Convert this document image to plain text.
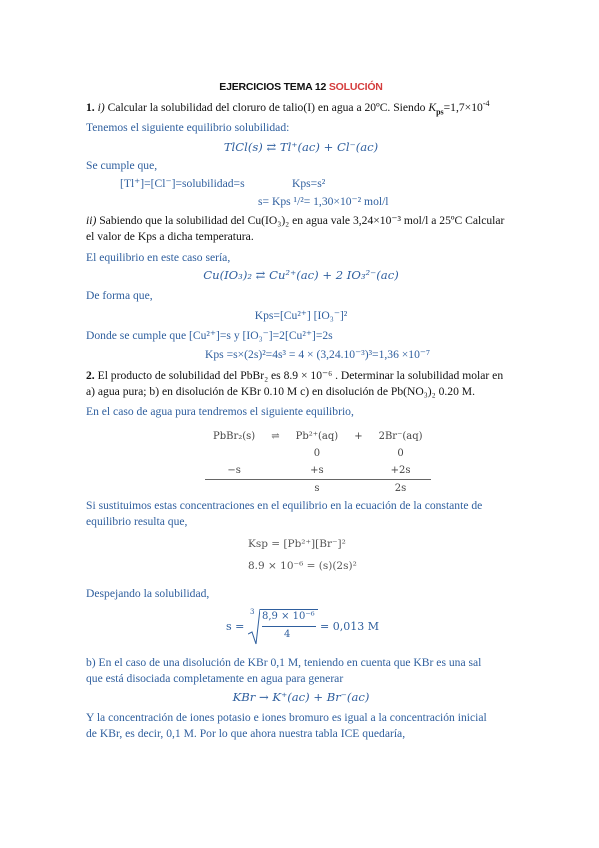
EJERCICIOS TEMA 12 SOLUCIÓN
1. i) Calcular la solubilidad del cloruro de talio(I) en agua a 20ºC. Siendo $K_{ps}=1,7\times 10^{-4}$
Tenemos el siguiente equilibrio solubilidad:
TlCl(s) ⇄ Tl⁺(ac) + Cl⁻(ac)
Se cumple que,
[Tl⁺]=[Cl⁻]=solubilidad=s	Kps=s²
s= Kps ¹/²= 1,30×10⁻² mol/l
ii) Sabiendo que la solubilidad del Cu(IO₃)₂ en agua vale 3,24×10⁻³ mol/l a 25ºC Calcular
el valor de Kps a dicha temperatura.
El equilibrio en este caso sería,
Cu(IO₃)₂ ⇄ Cu²⁺(ac) + 2 IO₃²⁻(ac)
De forma que,
Kps=[Cu²⁺] [IO₃⁻]²
Donde se cumple que [Cu²⁺]=s y [IO₃⁻]=2[Cu²⁺]=2s
Kps =s×(2s)²=4s³ = 4 × (3,24.10⁻³)³=1,36 ×10⁻⁷
2. El producto de solubilidad del PbBr₂ es 8.9 × 10⁻⁶ . Determinar la solubilidad molar en
a) agua pura; b) en disolución de KBr 0.10 M c) en disolución de Pb(NO₃)₂ 0.20 M.
En el caso de agua pura tendremos el siguiente equilibrio,
PbBr₂(s)	⇌	Pb²⁺(aq)	+	2Br⁻(aq)
		0		0
−s		+s		+2s
		s		2s
Si sustituimos estas concentraciones en el equilibrio en la ecuación de la constante de
equilibrio resulta que,
Ksp = [Pb²⁺][Br⁻]²
8.9 × 10⁻⁶ = (s)(2s)²
Despejando la solubilidad,
s =
3 8,9 × 10⁻⁶
4
= 0,013 M
b) En el caso de una disolución de KBr 0,1 M, teniendo en cuenta que KBr es una sal
que está disociada completamente en agua para generar
KBr → K⁺(ac) + Br⁻(ac)
Y la concentración de iones potasio e iones bromuro es igual a la concentración inicial
de KBr, es decir, 0,1 M. Por lo que ahora nuestra tabla ICE quedaría,
